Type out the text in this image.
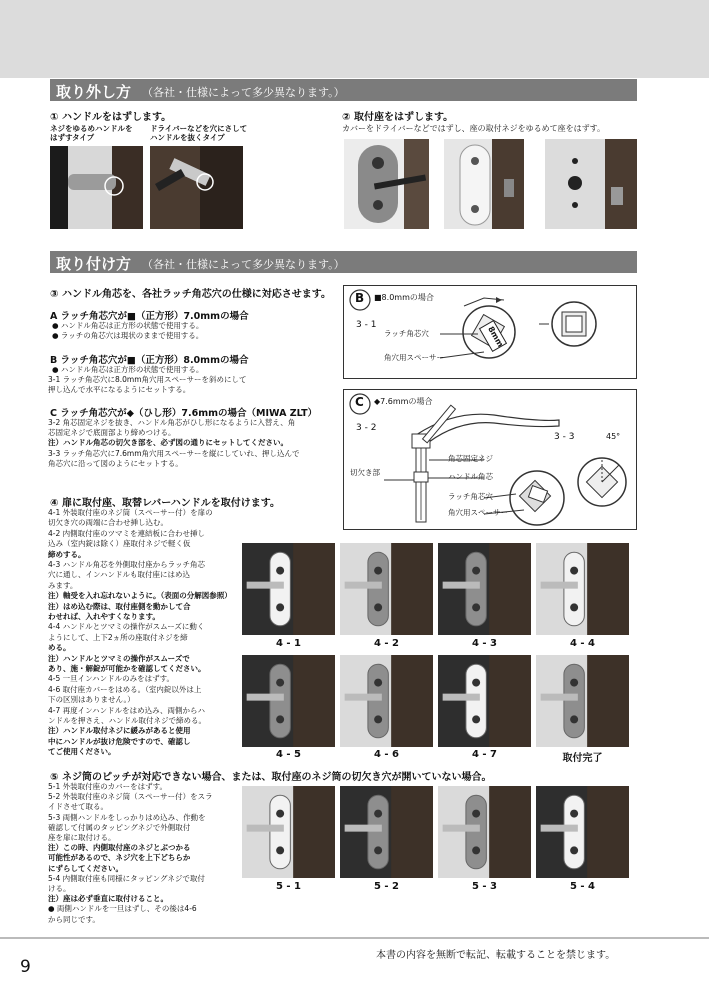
取り外し方 （各社・仕様によって多少異なります。）
① ハンドルをはずします。
ネジをゆるめハンドルを
はずすタイプ
ドライバーなどを穴にさして
ハンドルを抜くタイプ
② 取付座をはずします。
カバーをドライバーなどではずし、座の取付ネジをゆるめて座をはずす。
取り付け方 （各社・仕様によって多少異なります。）
③ ハンドル角芯を、各社ラッチ角芯穴の仕様に対応させます。
A ラッチ角芯穴が■（正方形）7.0mmの場合
● ハンドル角芯は正方形の状態で使用する。
● ラッチの角芯穴は現状のままで使用する。
B ラッチ角芯穴が■（正方形）8.0mmの場合
● ハンドル角芯は正方形の状態で使用する。
3-1 ラッチ角芯穴に8.0mm角穴用スペーサーを斜めにして
押し込んで水平になるようにセットする。
C ラッチ角芯穴が◆（ひし形）7.6mmの場合（MIWA ZLT）
3-2 角芯固定ネジを抜き、ハンドル角芯がひし形になるように入替え、角
芯固定ネジで底面部より締めつける。
注）ハンドル角芯の切欠き部を、必ず図の通りにセットしてください。
3-3 ラッチ角芯穴に7.6mm角穴用スペーサーを縦にしていれ、押し込んで
角芯穴に沿って図のようにセットする。
B ■8.0mmの場合
3 - 1
ラッチ角芯穴
角穴用スペーサー
8mm
C ◆7.6mmの場合
3 - 2
3 - 3	45°
切欠き部
角芯固定ネジ
ハンドル角芯
ラッチ角芯穴
角穴用スペーサー
④ 扉に取付座、取替レバーハンドルを取付けます。
4-1 外装取付座のネジ筒（スペーサー付）を扉の
切欠き穴の両端に合わせ挿し込む。
4-2 内側取付座のツマミを連結板に合わせ挿し
込み（室内錠は除く）座取付ネジで軽く仮
締めする。
4-3 ハンドル角芯を外側取付座からラッチ角芯
穴に通し、インハンドルも取付座にはめ込
みます。
注）軸受を入れ忘れないように。（表面の分解図参照）
注）はめ込む際は、取付座側を動かして合
わせれば、入れやすくなります。
4-4 ハンドルとツマミの操作がスムーズに動く
ようにして、上下2ヵ所の座取付ネジを締
める。
注）ハンドルとツマミの操作がスムーズで
あり、施・解錠が可能かを確認してください。
4-5 一旦インハンドルのみをはずす。
4-6 取付座カバーをはめる。（室内錠以外は上
下の区別はありません。）
4-7 再度インハンドルをはめ込み、両側からハ
ンドルを押さえ、ハンドル取付ネジで締める。
注）ハンドル取付ネジに緩みがあると使用
中にハンドルが抜け危険ですので、確認し
てご使用ください。
4 - 1	4 - 2	4 - 3	4 - 4
4 - 5	4 - 6	4 - 7	取付完了
⑤ ネジ筒のピッチが対応できない場合、または、取付座のネジ筒の切欠き穴が開いていない場合。
5-1 外装取付座のカバーをはずす。
5-2 外装取付座のネジ筒（スペーサー付）をスラ
イドさせて取る。
5-3 両側ハンドルをしっかりはめ込み、作動を
確認して付属のタッピングネジで外側取付
座を扉に取付ける。
注）この時、内側取付座のネジとぶつかる
可能性があるので、ネジ穴を上下どちらか
にずらしてください。
5-4 内側取付座も同様にタッピングネジで取付
ける。
注）座は必ず垂直に取付けること。
● 両側ハンドルを一旦はずし、その後は4-6
から同じです。
5 - 1	5 - 2	5 - 3	5 - 4
9
本書の内容を無断で転記、転載することを禁じます。
